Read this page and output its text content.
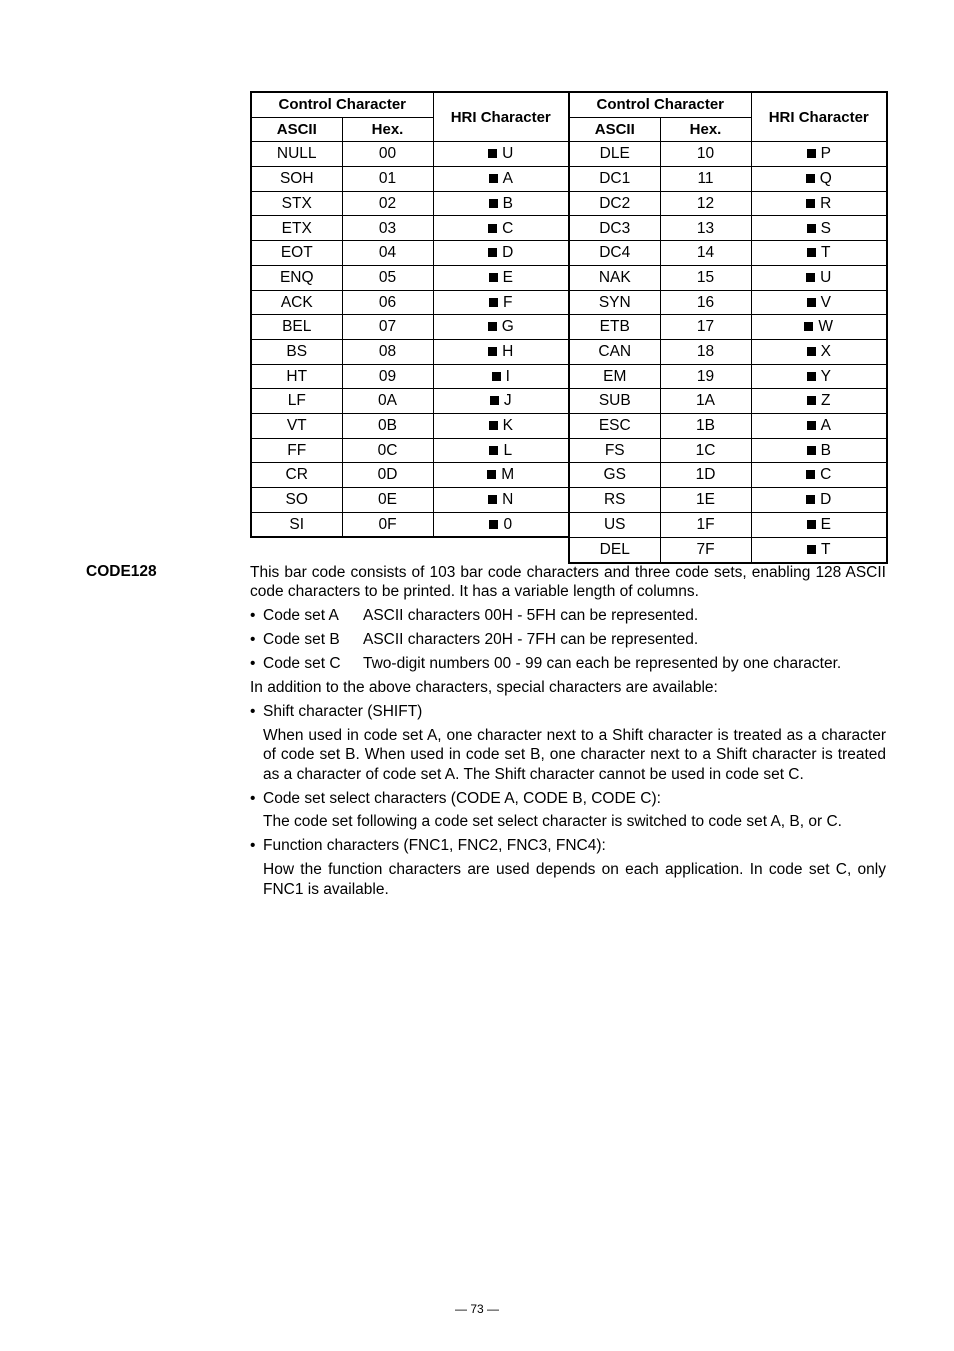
Control Character		HRI Character	Control Character		HRI Character
ASCII	Hex.		ASCII	Hex.	
NULL	00	U	DLE	10	P
SOH	01	A	DC1	11	Q
STX	02	B	DC2	12	R
ETX	03	C	DC3	13	S
EOT	04	D	DC4	14	T
ENQ	05	E	NAK	15	U
ACK	06	F	SYN	16	V
BEL	07	G	ETB	17	W
BS	08	H	CAN	18	X
HT	09	I	EM	19	Y
LF	0A	J	SUB	1A	Z
VT	0B	K	ESC	1B	A
FF	0C	L	FS	1C	B
CR	0D	M	GS	1D	C
SO	0E	N	RS	1E	D
SI	0F	0	US	1F	E
			DEL	7F	T
CODE128	This bar code consists of 103 bar code characters and three code sets, enabling 128 ASCII code characters to be printed. It has a variable length of columns.

• Code set A ASCII characters 00H - 5FH can be represented.
• Code set B ASCII characters 20H - 7FH can be represented.
• Code set C Two-digit numbers 00 - 99 can each be represented by one character.

In addition to the above characters, special characters are available:

• Shift character (SHIFT)
When used in code set A, one character next to a Shift character is treated as a character of code set B. When used in code set B, one character next to a Shift character is treated as a character of code set A. The Shift character cannot be used in code set C.
• Code set select characters (CODE A, CODE B, CODE C):
The code set following a code set select character is switched to code set A, B, or C.
• Function characters (FNC1, FNC2, FNC3, FNC4):
How the function characters are used depends on each application. In code set C, only FNC1 is available.
— 73 —
